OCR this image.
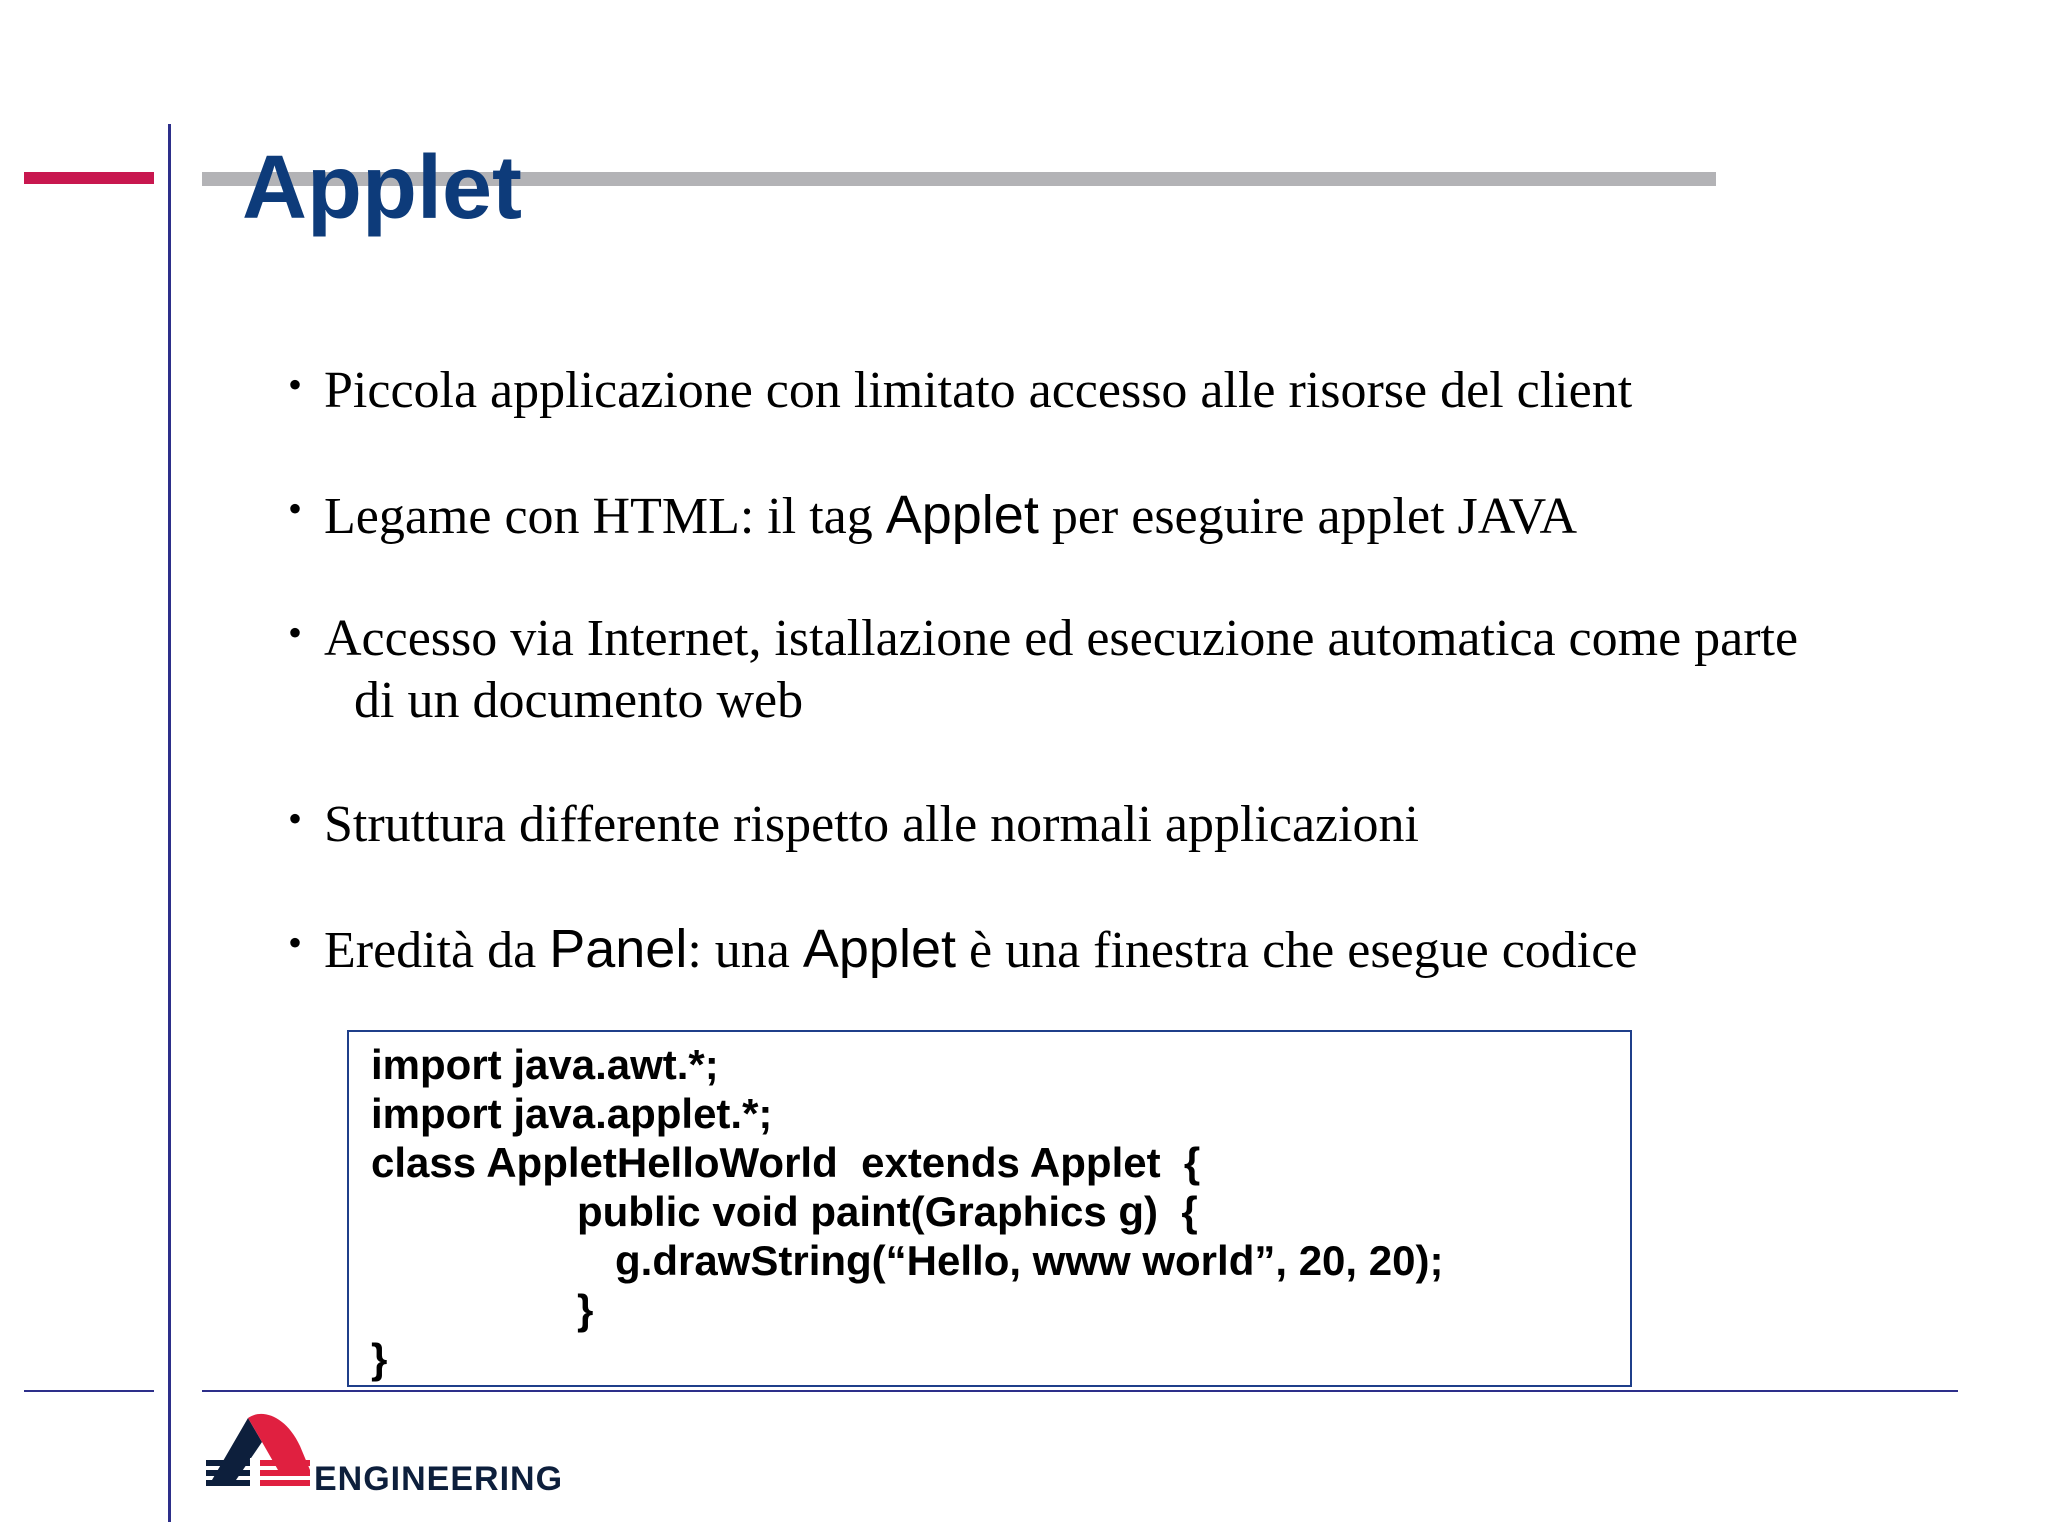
Applet
• Piccola applicazione con limitato accesso alle risorse del client
• Legame con HTML: il tag Applet per eseguire applet JAVA
• Accesso via Internet, istallazione ed esecuzione automatica come parte
di un documento web
• Struttura differente rispetto alle normali applicazioni
• Eredità da Panel: una Applet è una finestra che esegue codice
import java.awt.*;
import java.applet.*;
class AppletHelloWorld  extends Applet  {
public void paint(Graphics g)  {
g.drawString(“Hello, www world”, 20, 20);
}
}
ENGINEERING
